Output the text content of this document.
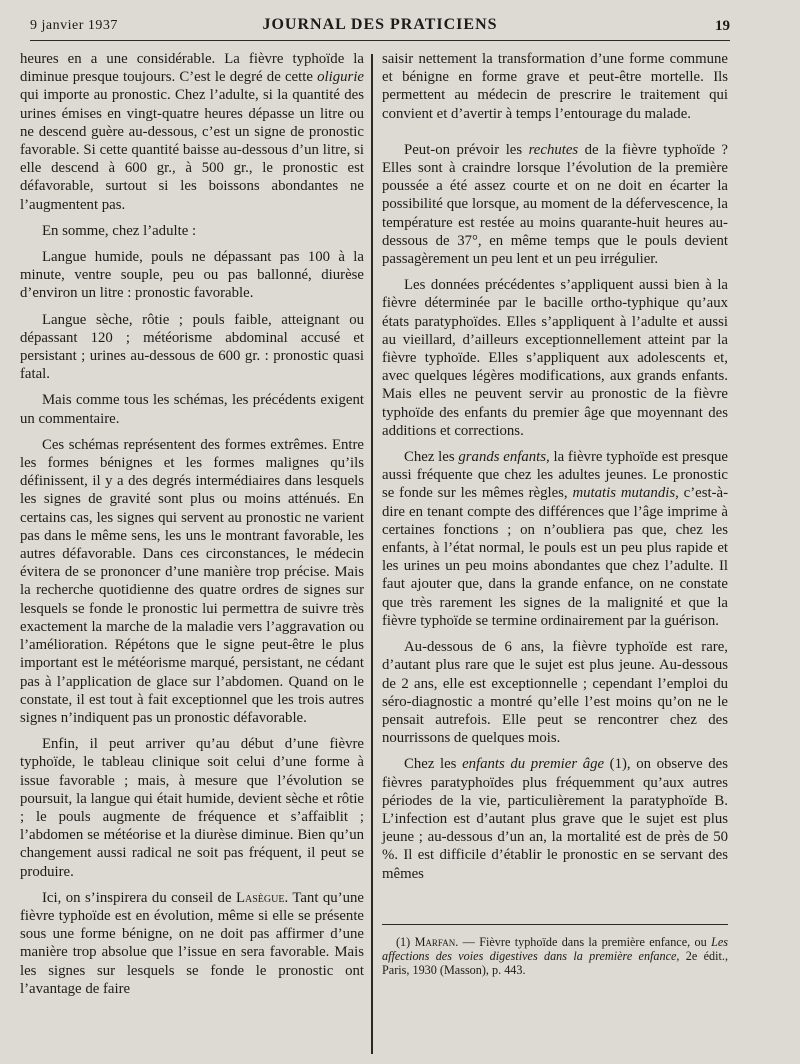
9 janvier 1937	JOURNAL DES PRATICIENS	19

heures en a une considérable. La fièvre typhoïde la diminue presque toujours. C’est le degré de cette oligurie qui importe au pronostic. Chez l’adulte, si la quantité des urines émises en vingt-quatre heures dépasse un litre ou ne descend guère au-dessous, c’est un signe de pronostic favorable. Si cette quantité baisse au-dessous d’un litre, si elle descend à 600 gr., à 500 gr., le pronostic est défavorable, surtout si les boissons abondantes ne l’augmentent pas.

En somme, chez l’adulte :

Langue humide, pouls ne dépassant pas 100 à la minute, ventre souple, peu ou pas ballonné, diurèse d’environ un litre : pronostic favorable.

Langue sèche, rôtie ; pouls faible, atteignant ou dépassant 120 ; météorisme abdominal accusé et persistant ; urines au-dessous de 600 gr. : pronostic quasi fatal.

Mais comme tous les schémas, les précédents exigent un commentaire.

Ces schémas représentent des formes extrêmes. Entre les formes bénignes et les formes malignes qu’ils définissent, il y a des degrés intermédiaires dans lesquels les signes de gravité sont plus ou moins atténués. En certains cas, les signes qui servent au pronostic ne varient pas dans le même sens, les uns le montrant favorable, les autres défavorable. Dans ces circonstances, le médecin évitera de se prononcer d’une manière trop précise. Mais la recherche quotidienne des quatre ordres de signes sur lesquels se fonde le pronostic lui permettra de suivre très exactement la marche de la maladie vers l’aggravation ou l’amélioration. Répétons que le signe peut-être le plus important est le météorisme marqué, persistant, ne cédant pas à l’application de glace sur l’abdomen. Quand on le constate, il est tout à fait exceptionnel que les trois autres signes n’indiquent pas un pronostic défavorable.

Enfin, il peut arriver qu’au début d’une fièvre typhoïde, le tableau clinique soit celui d’une forme à issue favorable ; mais, à mesure que l’évolution se poursuit, la langue qui était humide, devient sèche et rôtie ; le pouls augmente de fréquence et s’affaiblit ; l’abdomen se météorise et la diurèse diminue. Bien qu’un changement aussi radical ne soit pas fréquent, il peut se produire.

Ici, on s’inspirera du conseil de Lasègue. Tant qu’une fièvre typhoïde est en évolution, même si elle se présente sous une forme bénigne, on ne doit pas affirmer d’une manière trop absolue que l’issue en sera favorable. Mais les signes sur lesquels se fonde le pronostic ont l’avantage de faire

saisir nettement la transformation d’une forme commune et bénigne en forme grave et peut-être mortelle. Ils permettent au médecin de prescrire le traitement qui convient et d’avertir à temps l’entourage du malade.

Peut-on prévoir les rechutes de la fièvre typhoïde ? Elles sont à craindre lorsque l’évolution de la première poussée a été assez courte et on ne doit en écarter la possibilité que lorsque, au moment de la défervescence, la température est restée au moins quarante-huit heures au-dessous de 37°, en même temps que le pouls devient passagèrement un peu lent et un peu irrégulier.

Les données précédentes s’appliquent aussi bien à la fièvre déterminée par le bacille ortho-typhique qu’aux états paratyphoïdes. Elles s’appliquent à l’adulte et aussi au vieillard, d’ailleurs exceptionnellement atteint par la fièvre typhoïde. Elles s’appliquent aux adolescents et, avec quelques légères modifications, aux grands enfants. Mais elles ne peuvent servir au pronostic de la fièvre typhoïde des enfants du premier âge que moyennant des additions et corrections.

Chez les grands enfants, la fièvre typhoïde est presque aussi fréquente que chez les adultes jeunes. Le pronostic se fonde sur les mêmes règles, mutatis mutandis, c’est-à-dire en tenant compte des différences que l’âge imprime à certaines fonctions ; on n’oubliera pas que, chez les enfants, à l’état normal, le pouls est un peu plus rapide et les urines un peu moins abondantes que chez l’adulte. Il faut ajouter que, dans la grande enfance, on ne constate que très rarement les signes de la malignité et que la fièvre typhoïde se termine ordinairement par la guérison.

Au-dessous de 6 ans, la fièvre typhoïde est rare, d’autant plus rare que le sujet est plus jeune. Au-dessous de 2 ans, elle est exceptionnelle ; cependant l’emploi du séro-diagnostic a montré qu’elle l’est moins qu’on ne le pensait autrefois. Elle peut se rencontrer chez des nourrissons de quelques mois.

Chez les enfants du premier âge (1), on observe des fièvres paratyphoïdes plus fréquemment qu’aux autres périodes de la vie, particulièrement la paratyphoïde B. L’infection est d’autant plus grave que le sujet est plus jeune ; au-dessous d’un an, la mortalité est de près de 50 %. Il est difficile d’établir le pronostic en se servant des mêmes

(1) Marfan. — Fièvre typhoïde dans la première enfance, ou Les affections des voies digestives dans la première enfance, 2e édit., Paris, 1930 (Masson), p. 443.
